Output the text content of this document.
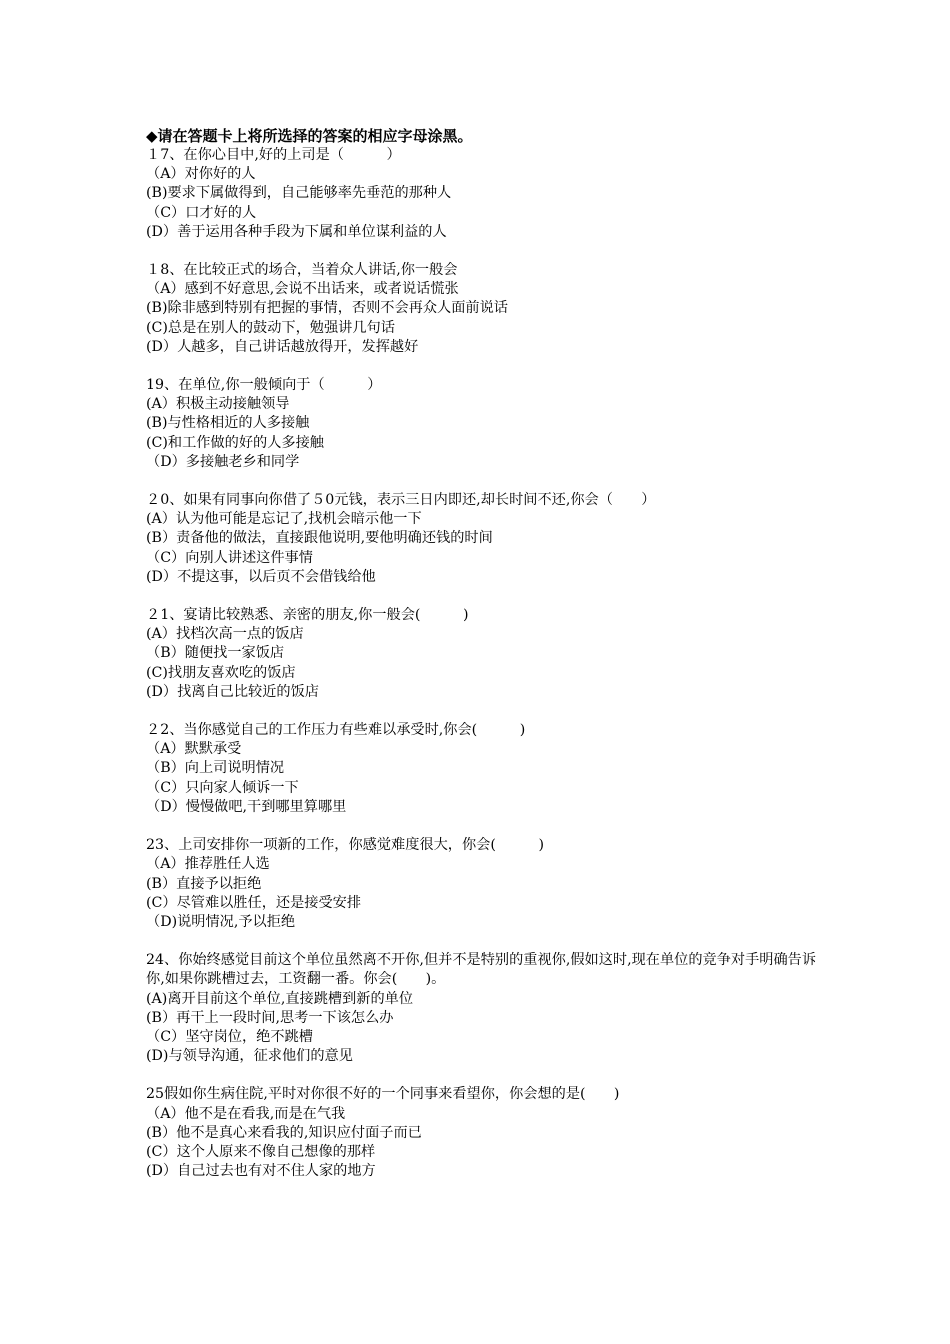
◆请在答题卡上将所选择的答案的相应字母涂黑。
１7、在你心目中,好的上司是（　　　）
（A）对你好的人
(B)要求下属做得到，自己能够率先垂范的那种人
（C）口才好的人
(D）善于运用各种手段为下属和单位谋利益的人
１8、在比较正式的场合，当着众人讲话,你一般会
（A）感到不好意思,会说不出话来，或者说话慌张
(B)除非感到特别有把握的事情，否则不会再众人面前说话
(C)总是在别人的鼓动下，勉强讲几句话
(D）人越多，自己讲话越放得开，发挥越好
19、在单位,你一般倾向于（　　　）
(A）积极主动接触领导
(B)与性格相近的人多接触
(C)和工作做的好的人多接触
（D）多接触老乡和同学
２0、如果有同事向你借了５0元钱，表示三日内即还,却长时间不还,你会（　　）
(A）认为他可能是忘记了,找机会暗示他一下
(B）责备他的做法，直接跟他说明,要他明确还钱的时间
（C）向别人讲述这件事情
(D）不提这事，以后页不会借钱给他
２1、宴请比较熟悉、亲密的朋友,你一般会(　　　)
(A）找档次高一点的饭店
（B）随便找一家饭店
(C)找朋友喜欢吃的饭店
(D）找离自己比较近的饭店
２2、当你感觉自己的工作压力有些难以承受时,你会(　　　)
（A）默默承受
（B）向上司说明情况
（C）只向家人倾诉一下
（D）慢慢做吧,干到哪里算哪里
23、上司安排你一项新的工作，你感觉难度很大，你会(　　　)
（A）推荐胜任人选
(B）直接予以拒绝
(C）尽管难以胜任，还是接受安排
（D)说明情况,予以拒绝
24、你始终感觉目前这个单位虽然离不开你,但并不是特别的重视你,假如这时,现在单位的竞争对手明确告诉你,如果你跳槽过去，工资翻一番。你会(　　)。
(A)离开目前这个单位,直接跳槽到新的单位
(B）再干上一段时间,思考一下该怎么办
（C）坚守岗位，绝不跳槽
(D)与领导沟通，征求他们的意见
25假如你生病住院,平时对你很不好的一个同事来看望你，你会想的是(　　)
（A）他不是在看我,而是在气我
(B）他不是真心来看我的,知识应付面子而已
(C）这个人原来不像自己想像的那样
(D）自己过去也有对不住人家的地方
